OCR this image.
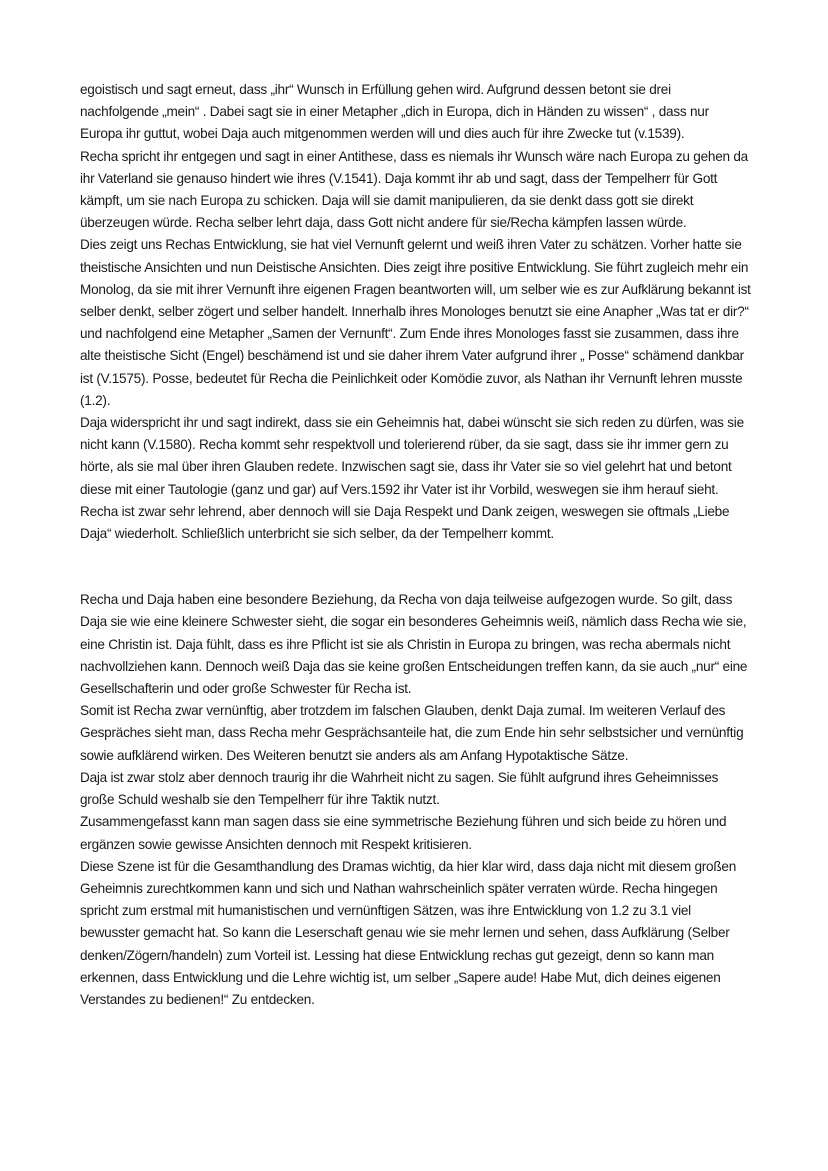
egoistisch und sagt erneut, dass „ihr“ Wunsch in Erfüllung gehen wird. Aufgrund dessen betont sie drei nachfolgende „mein“ . Dabei sagt sie in einer Metapher „dich in Europa, dich in Händen zu wissen“ , dass nur Europa ihr guttut, wobei Daja auch mitgenommen werden will und dies auch für ihre Zwecke tut (v.1539).

Recha spricht ihr entgegen und sagt in einer Antithese, dass es niemals ihr Wunsch wäre nach Europa zu gehen da ihr Vaterland sie genauso hindert wie ihres (V.1541). Daja kommt ihr ab und sagt, dass der Tempelherr für Gott kämpft, um sie nach Europa zu schicken. Daja will sie damit manipulieren, da sie denkt dass gott sie direkt überzeugen würde. Recha selber lehrt daja, dass Gott nicht andere für sie/Recha kämpfen lassen würde.

Dies zeigt uns Rechas Entwicklung, sie hat viel Vernunft gelernt und weiß ihren Vater zu schätzen. Vorher hatte sie theistische Ansichten und nun Deistische Ansichten. Dies zeigt ihre positive Entwicklung. Sie führt zugleich mehr ein Monolog, da sie mit ihrer Vernunft ihre eigenen Fragen beantworten will, um selber wie es zur Aufklärung bekannt ist selber denkt, selber zögert und selber handelt. Innerhalb ihres Monologes benutzt sie eine Anapher „Was tat er dir?“ und nachfolgend eine Metapher „Samen der Vernunft“. Zum Ende ihres Monologes fasst sie zusammen, dass ihre alte theistische Sicht (Engel) beschämend ist und sie daher ihrem Vater aufgrund ihrer „ Posse“ schämend dankbar ist (V.1575). Posse, bedeutet für Recha die Peinlichkeit oder Komödie zuvor, als Nathan ihr Vernunft lehren musste (1.2).

Daja widerspricht ihr und sagt indirekt, dass sie ein Geheimnis hat, dabei wünscht sie sich reden zu dürfen, was sie nicht kann (V.1580). Recha kommt sehr respektvoll und tolerierend rüber, da sie sagt, dass sie ihr immer gern zu hörte, als sie mal über ihren Glauben redete. Inzwischen sagt sie, dass ihr Vater sie so viel gelehrt hat und betont diese mit einer Tautologie (ganz und gar) auf Vers.1592 ihr Vater ist ihr Vorbild, weswegen sie ihm herauf sieht. Recha ist zwar sehr lehrend, aber dennoch will sie Daja Respekt und Dank zeigen, weswegen sie oftmals „Liebe Daja“ wiederholt. Schließlich unterbricht sie sich selber, da der Tempelherr kommt.

Recha und Daja haben eine besondere Beziehung, da Recha von daja teilweise aufgezogen wurde. So gilt, dass Daja sie wie eine kleinere Schwester sieht, die sogar ein besonderes Geheimnis weiß, nämlich dass Recha wie sie, eine Christin ist. Daja fühlt, dass es ihre Pflicht ist sie als Christin in Europa zu bringen, was recha abermals nicht nachvollziehen kann. Dennoch weiß Daja das sie keine großen Entscheidungen treffen kann, da sie auch „nur“ eine Gesellschafterin und oder große Schwester für Recha ist.

Somit ist Recha zwar vernünftig, aber trotzdem im falschen Glauben, denkt Daja zumal. Im weiteren Verlauf des Gespräches sieht man, dass Recha mehr Gesprächsanteile hat, die zum Ende hin sehr selbstsicher und vernünftig sowie aufklärend wirken. Des Weiteren benutzt sie anders als am Anfang Hypotaktische Sätze.

Daja ist zwar stolz aber dennoch traurig ihr die Wahrheit nicht zu sagen. Sie fühlt aufgrund ihres Geheimnisses große Schuld weshalb sie den Tempelherr für ihre Taktik nutzt.

Zusammengefasst kann man sagen dass sie eine symmetrische Beziehung führen und sich beide zu hören und ergänzen sowie gewisse Ansichten dennoch mit Respekt kritisieren.

Diese Szene ist für die Gesamthandlung des Dramas wichtig, da hier klar wird, dass daja nicht mit diesem großen Geheimnis zurechtkommen kann und sich und Nathan wahrscheinlich später verraten würde. Recha hingegen spricht zum erstmal mit humanistischen und vernünftigen Sätzen, was ihre Entwicklung von 1.2 zu 3.1 viel bewusster gemacht hat. So kann die Leserschaft genau wie sie mehr lernen und sehen, dass Aufklärung (Selber denken/Zögern/handeln) zum Vorteil ist. Lessing hat diese Entwicklung rechas gut gezeigt, denn so kann man erkennen, dass Entwicklung und die Lehre wichtig ist, um selber „Sapere aude! Habe Mut, dich deines eigenen Verstandes zu bedienen!“ Zu entdecken.
